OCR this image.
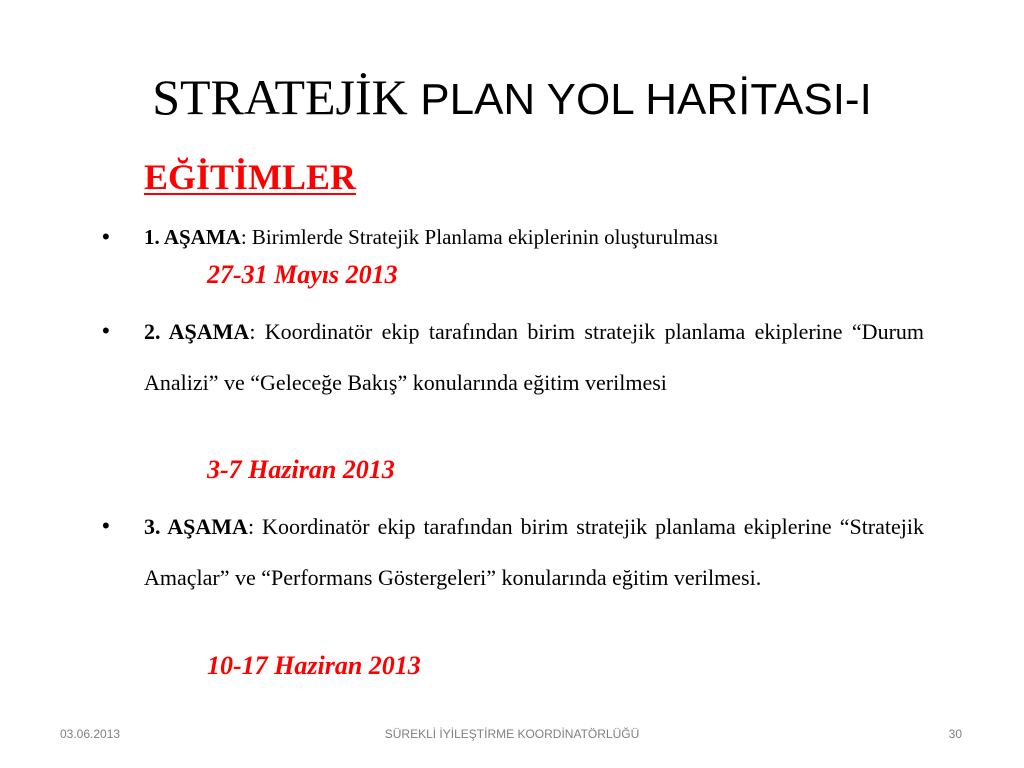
STRATEJİK PLAN YOL HARİTASI-I
EĞİTİMLER
• 1. AŞAMA: Birimlerde Stratejik Planlama ekiplerinin oluşturulması
27-31 Mayıs 2013
• 2. AŞAMA: Koordinatör ekip tarafından birim stratejik planlama ekiplerine “Durum Analizi” ve “Geleceğe Bakış” konularında eğitim verilmesi
3-7 Haziran 2013
• 3. AŞAMA: Koordinatör ekip tarafından birim stratejik planlama ekiplerine “Stratejik Amaçlar” ve “Performans Göstergeleri” konularında eğitim verilmesi.
10-17 Haziran 2013
03.06.2013	SÜREKLİ İYİLEŞTİRME KOORDİNATÖRLÜĞÜ	30
